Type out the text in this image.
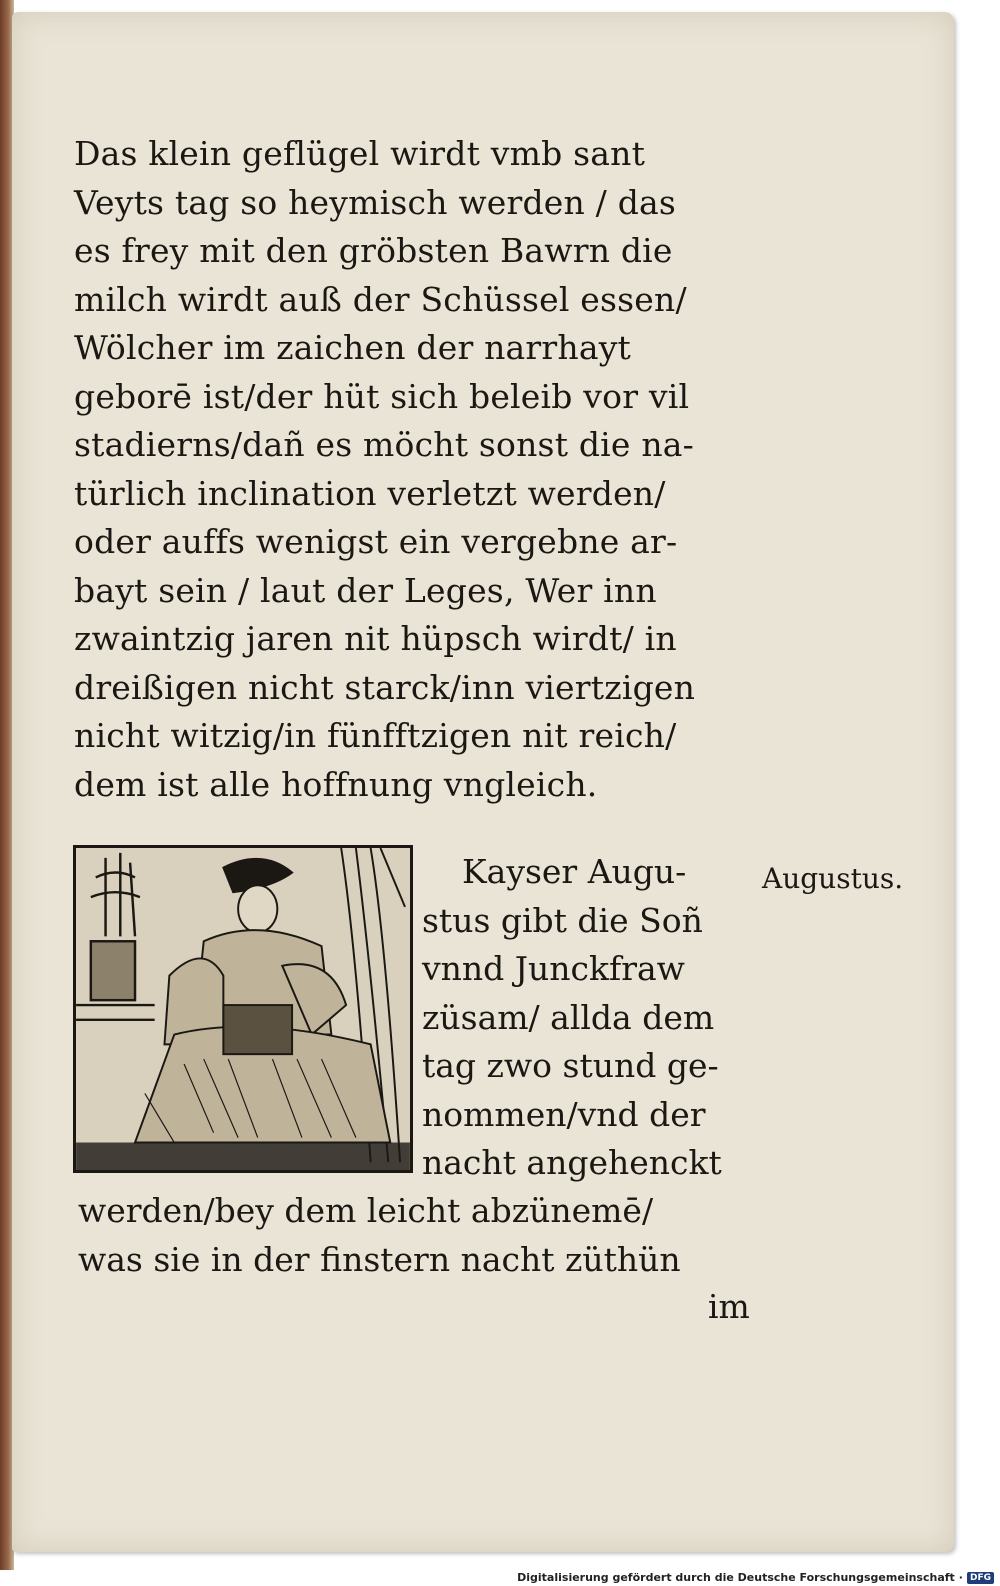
Das klein geflügel wirdt vmb sant
Veyts tag so heymisch werden / das
es frey mit den gröbsten Bawrn die
milch wirdt auß der Schüssel essen/
Wölcher im zaichen der narrhayt
geborē ist/der hüt sich beleib vor vil
stadierns/dañ es möcht sonst die na-
türlich inclination verletzt werden/
oder auffs wenigst ein vergebne ar-
bayt sein / laut der Leges, Wer inn
zwaintzig jaren nit hüpsch wirdt/ in
dreißigen nicht starck/inn viertzigen
nicht witzig/in fünfftzigen nit reich/
dem ist alle hoffnung vngleich.
Kayser Augu-
stus gibt die Soñ
vnnd Junckfraw
züsam/ allda dem
tag zwo stund ge-
nommen/vnd der
nacht angehenckt
Augustus.
werden/bey dem leicht abzünemē/
was sie in der finstern nacht züthün
im
Digitalisierung gefördert durch die Deutsche Forschungsgemeinschaft · DFG
